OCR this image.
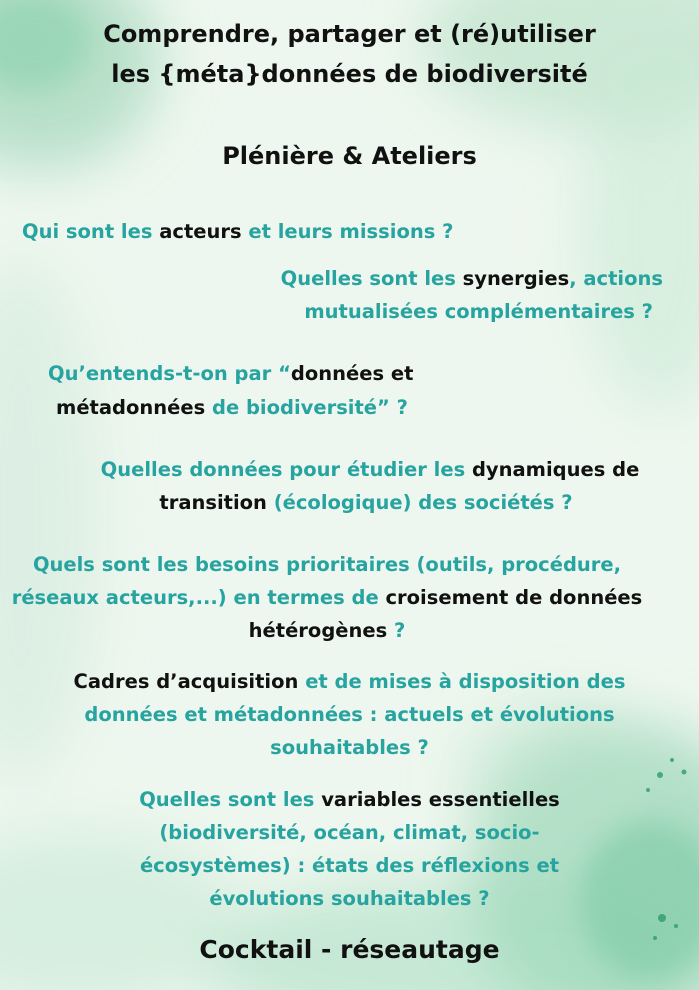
Comprendre, partager et (ré)utiliser

les {méta}données de biodiversité

Plénière & Ateliers

Qui sont les acteurs et leurs missions ?

Quelles sont les synergies, actions

mutualisées complémentaires ?

Qu’entends-t-on par “données et

métadonnées de biodiversité” ?

Quelles données pour étudier les dynamiques de

transition (écologique) des sociétés ?

Quels sont les besoins prioritaires (outils, procédure,

réseaux acteurs,...) en termes de croisement de données

hétérogènes ?

Cadres d’acquisition et de mises à disposition des

données et métadonnées : actuels et évolutions

souhaitables ?

Quelles sont les variables essentielles

(biodiversité, océan, climat, socio-

écosystèmes) : états des réflexions et

évolutions souhaitables ?

Cocktail - réseautage
